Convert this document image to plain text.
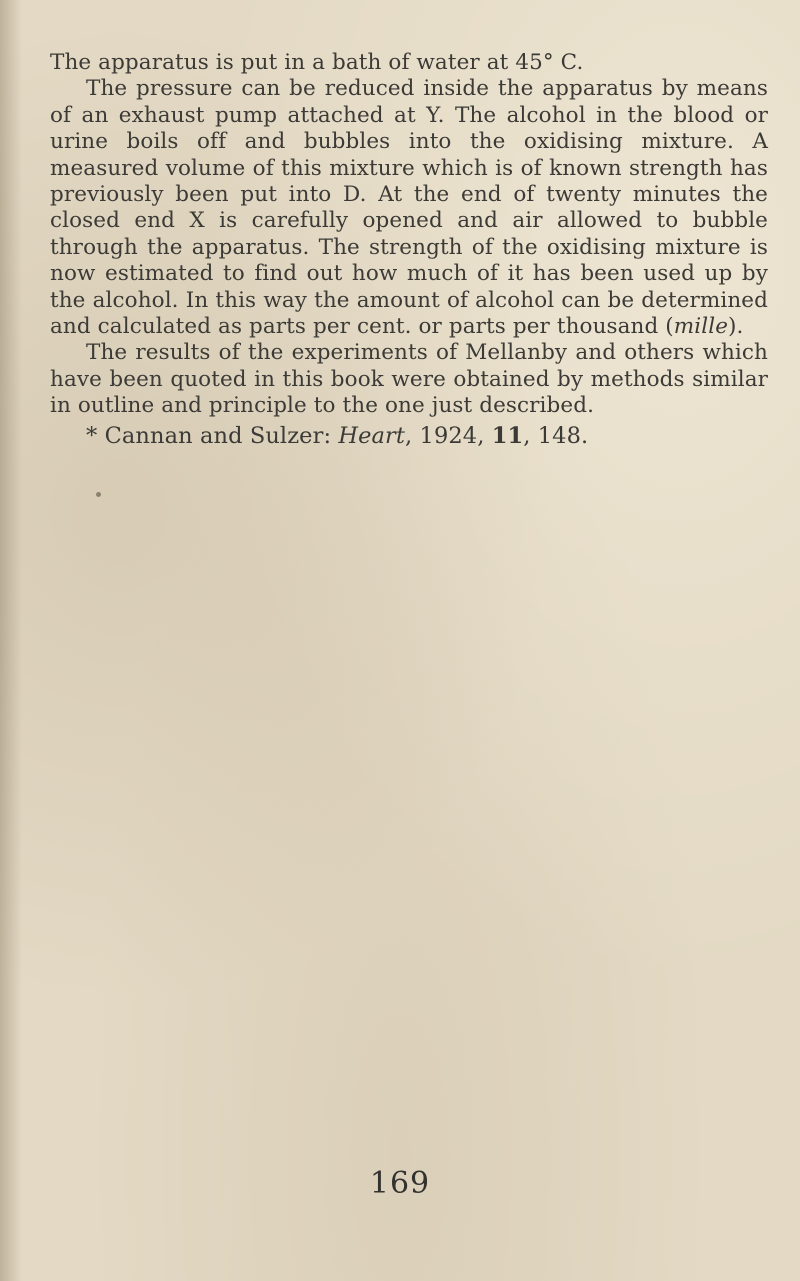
The apparatus is put in a bath of water at 45° C.

The pressure can be reduced inside the apparatus by means of an exhaust pump attached at Y. The alcohol in the blood or urine boils off and bubbles into the oxidising mixture. A measured volume of this mixture which is of known strength has previously been put into D. At the end of twenty minutes the closed end X is carefully opened and air allowed to bubble through the apparatus. The strength of the oxidising mixture is now estimated to find out how much of it has been used up by the alcohol. In this way the amount of alcohol can be determined and calculated as parts per cent. or parts per thousand (mille).

The results of the experiments of Mellanby and others which have been quoted in this book were obtained by methods similar in outline and principle to the one just described.

* Cannan and Sulzer: Heart, 1924, 11, 148.

169
